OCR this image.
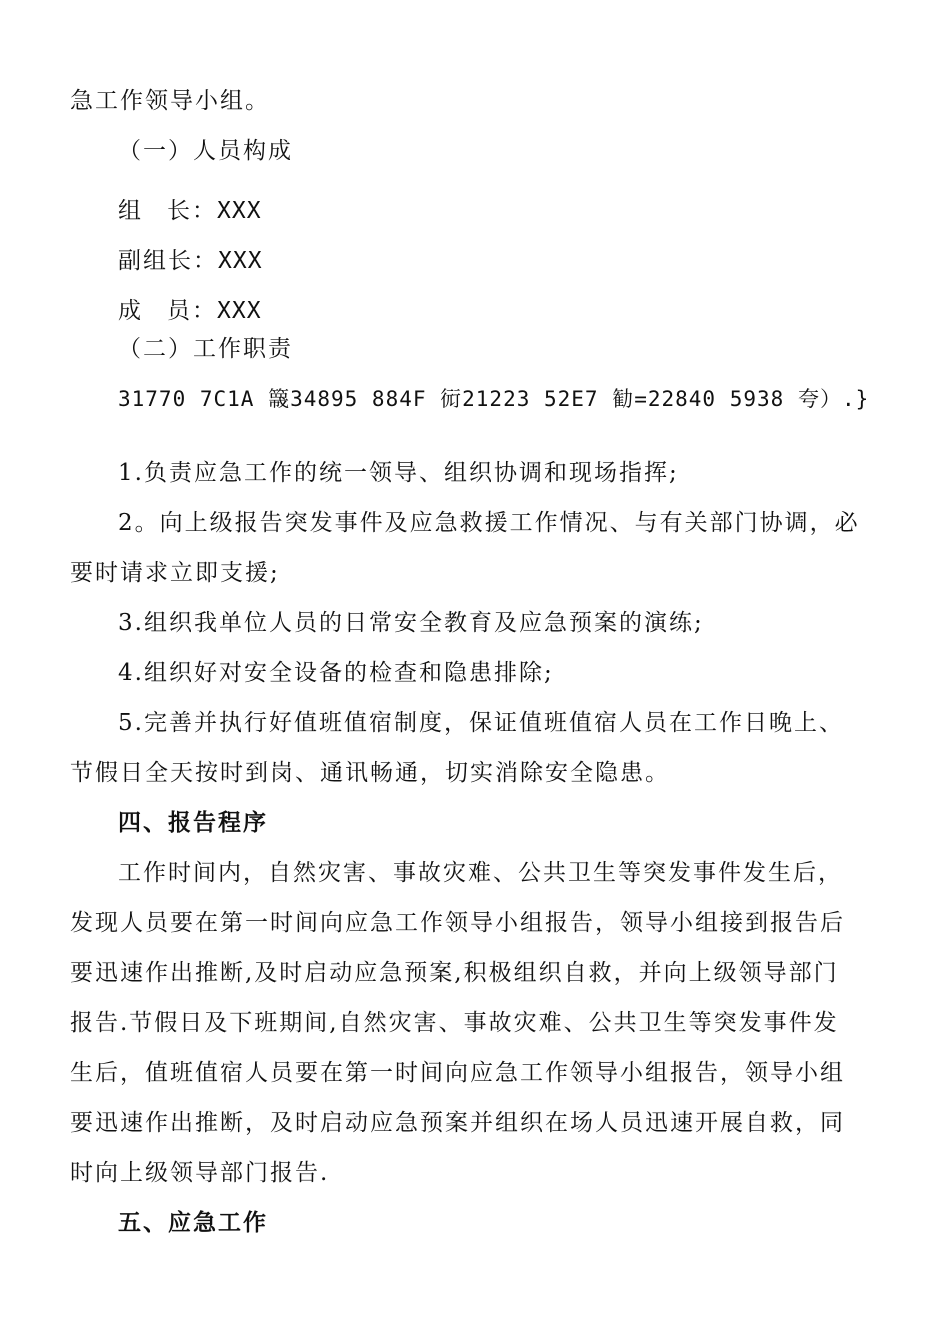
急工作领导小组。
（一）人员构成
组 长：XXX
副组长：XXX
成 员：XXX
（二）工作职责
31770 7C1A 簚34895 884F 衏21223 52E7 勧=22840 5938 夸）.}
1.负责应急工作的统一领导、组织协调和现场指挥;
2。向上级报告突发事件及应急救援工作情况、与有关部门协调，必
要时请求立即支援;
3.组织我单位人员的日常安全教育及应急预案的演练;
4.组织好对安全设备的检查和隐患排除;
5.完善并执行好值班值宿制度，保证值班值宿人员在工作日晚上、
节假日全天按时到岗、通讯畅通，切实消除安全隐患。
四、报告程序
工作时间内，自然灾害、事故灾难、公共卫生等突发事件发生后，
发现人员要在第一时间向应急工作领导小组报告，领导小组接到报告后
要迅速作出推断,及时启动应急预案,积极组织自救，并向上级领导部门
报告.节假日及下班期间,自然灾害、事故灾难、公共卫生等突发事件发
生后，值班值宿人员要在第一时间向应急工作领导小组报告，领导小组
要迅速作出推断，及时启动应急预案并组织在场人员迅速开展自救，同
时向上级领导部门报告.
五、应急工作
